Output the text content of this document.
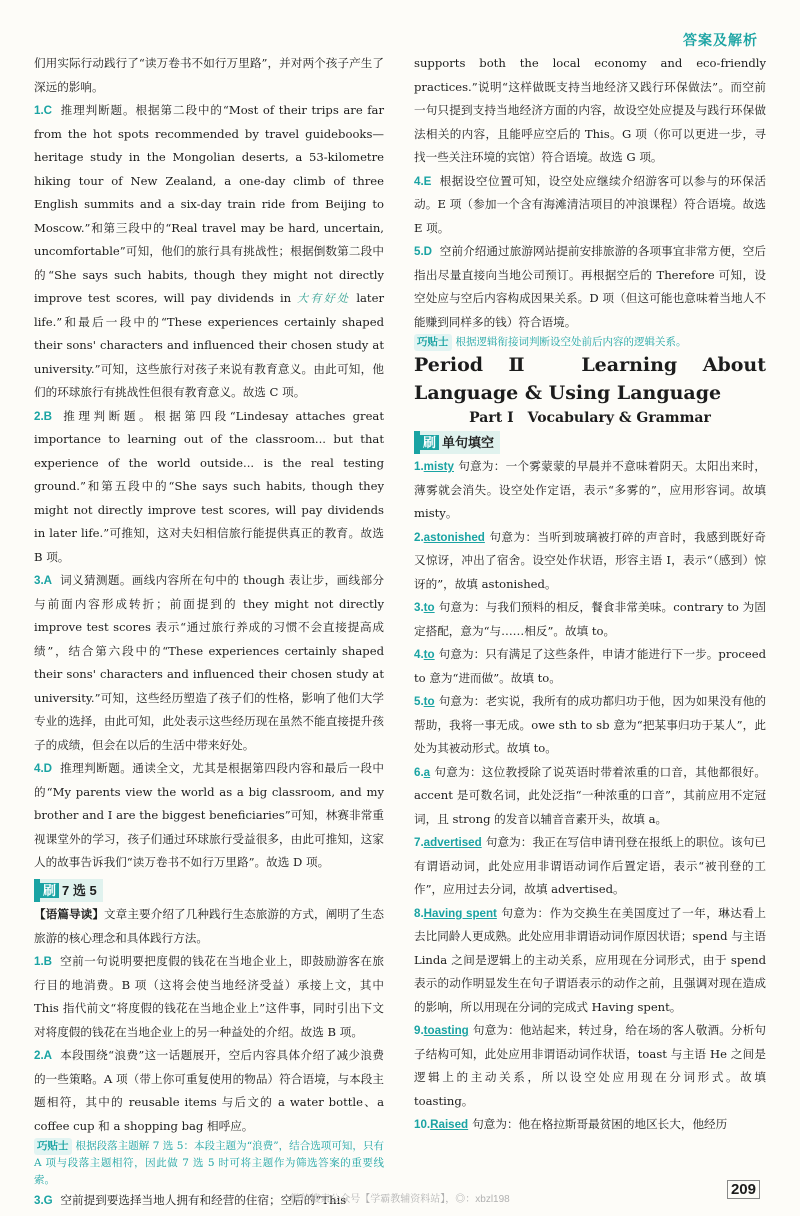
答案及解析

们用实际行动践行了“读万卷书不如行万里路”，并对两个孩子产生了深远的影响。

1.C 推理判断题。根据第二段中的“Most of their trips are far from the hot spots recommended by travel guidebooks—heritage study in the Mongolian deserts, a 53-kilometre hiking tour of New Zealand, a one-day climb of three English summits and a six-day train ride from Beijing to Moscow.”和第三段中的“Real travel may be hard, uncertain, uncomfortable”可知，他们的旅行具有挑战性；根据倒数第二段中的“She says such habits, though they might not directly improve test scores, will pay dividends in 大有好处 later life.”和最后一段中的“These experiences certainly shaped their sons' characters and influenced their chosen study at university.”可知，这些旅行对孩子来说有教育意义。由此可知，他们的环球旅行有挑战性但很有教育意义。故选 C 项。

2.B 推理判断题。根据第四段“Lindesay attaches great importance to learning out of the classroom... but that experience of the world outside... is the real testing ground.”和第五段中的“She says such habits, though they might not directly improve test scores, will pay dividends in later life.”可推知，这对夫妇相信旅行能提供真正的教育。故选 B 项。

3.A 词义猜测题。画线内容所在句中的 though 表让步，画线部分与前面内容形成转折；前面提到的 they might not directly improve test scores 表示“通过旅行养成的习惯不会直接提高成绩”，结合第六段中的“These experiences certainly shaped their sons' characters and influenced their chosen study at university.”可知，这些经历塑造了孩子们的性格，影响了他们大学专业的选择，由此可知，此处表示这些经历现在虽然不能直接提升孩子的成绩，但会在以后的生活中带来好处。

4.D 推理判断题。通读全文，尤其是根据第四段内容和最后一段中的“My parents view the world as a big classroom, and my brother and I are the biggest beneficiaries”可知，林赛非常重视课堂外的学习，孩子们通过环球旅行受益很多，由此可推知，这家人的故事告诉我们“读万卷书不如行万里路”。故选 D 项。

刷 7 选 5

【语篇导读】文章主要介绍了几种践行生态旅游的方式，阐明了生态旅游的核心理念和具体践行方法。

1.B 空前一句说明要把度假的钱花在当地企业上，即鼓励游客在旅行目的地消费。B 项（这将会使当地经济受益）承接上文，其中 This 指代前文“将度假的钱花在当地企业上”这件事，同时引出下文对将度假的钱花在当地企业上的另一种益处的介绍。故选 B 项。

2.A 本段围绕“浪费”这一话题展开，空后内容具体介绍了减少浪费的一些策略。A 项（带上你可重复使用的物品）符合语境，与本段主题相符，其中的 reusable items 与后文的 a water bottle、a coffee cup 和 a shopping bag 相呼应。

巧贴士 根据段落主题解 7 选 5：本段主题为“浪费”，结合选项可知，只有 A 项与段落主题相符，因此做 7 选 5 时可将主题作为筛选答案的重要线索。

3.G 空前提到要选择当地人拥有和经营的住宿；空后的“This

supports both the local economy and eco-friendly practices.”说明“这样做既支持当地经济又践行环保做法”。而空前一句只提到支持当地经济方面的内容，故设空处应提及与践行环保做法相关的内容，且能呼应空后的 This。G 项（你可以更进一步，寻找一些关注环境的宾馆）符合语境。故选 G 项。

4.E 根据设空位置可知，设空处应继续介绍游客可以参与的环保活动。E 项（参加一个含有海滩清洁项目的冲浪课程）符合语境。故选 E 项。

5.D 空前介绍通过旅游网站提前安排旅游的各项事宜非常方便，空后指出尽量直接向当地公司预订。再根据空后的 Therefore 可知，设空处应与空后内容构成因果关系。D 项（但这可能也意味着当地人不能赚到同样多的钱）符合语境。

巧贴士 根据逻辑衔接词判断设空处前后内容的逻辑关系。

Period Ⅱ　Learning About Language & Using Language

Part Ⅰ　Vocabulary & Grammar

刷 单句填空

1.misty 句意为：一个雾蒙蒙的早晨并不意味着阴天。太阳出来时，薄雾就会消失。设空处作定语，表示“多雾的”，应用形容词。故填 misty。

2.astonished 句意为：当听到玻璃被打碎的声音时，我感到既好奇又惊讶，冲出了宿舍。设空处作状语，形容主语 I，表示“（感到）惊讶的”，故填 astonished。

3.to 句意为：与我们预料的相反，餐食非常美味。contrary to 为固定搭配，意为“与……相反”。故填 to。

4.to 句意为：只有满足了这些条件，申请才能进行下一步。proceed to 意为“进而做”。故填 to。

5.to 句意为：老实说，我所有的成功都归功于他，因为如果没有他的帮助，我将一事无成。owe sth to sb 意为“把某事归功于某人”，此处为其被动形式。故填 to。

6.a 句意为：这位教授除了说英语时带着浓重的口音，其他都很好。accent 是可数名词，此处泛指“一种浓重的口音”，其前应用不定冠词，且 strong 的发音以辅音音素开头，故填 a。

7.advertised 句意为：我正在写信申请刊登在报纸上的职位。该句已有谓语动词，此处应用非谓语动词作后置定语，表示“被刊登的工作”，应用过去分词，故填 advertised。

8.Having spent 句意为：作为交换生在美国度过了一年，琳达看上去比同龄人更成熟。此处应用非谓语动词作原因状语；spend 与主语 Linda 之间是逻辑上的主动关系，应用现在分词形式，由于 spend 表示的动作明显发生在句子谓语表示的动作之前，且强调对现在造成的影响，所以用现在分词的完成式 Having spent。

9.toasting 句意为：他站起来，转过身，给在场的客人敬酒。分析句子结构可知，此处应用非谓语动词作状语，toast 与主语 He 之间是逻辑上的主动关系，所以设空处应用现在分词形式。故填 toasting。

10.Raised 句意为：他在格拉斯哥最贫困的地区长大，他经历

微信搜索公众号【学霸教辅资料站】，◎：xbzl198
209
